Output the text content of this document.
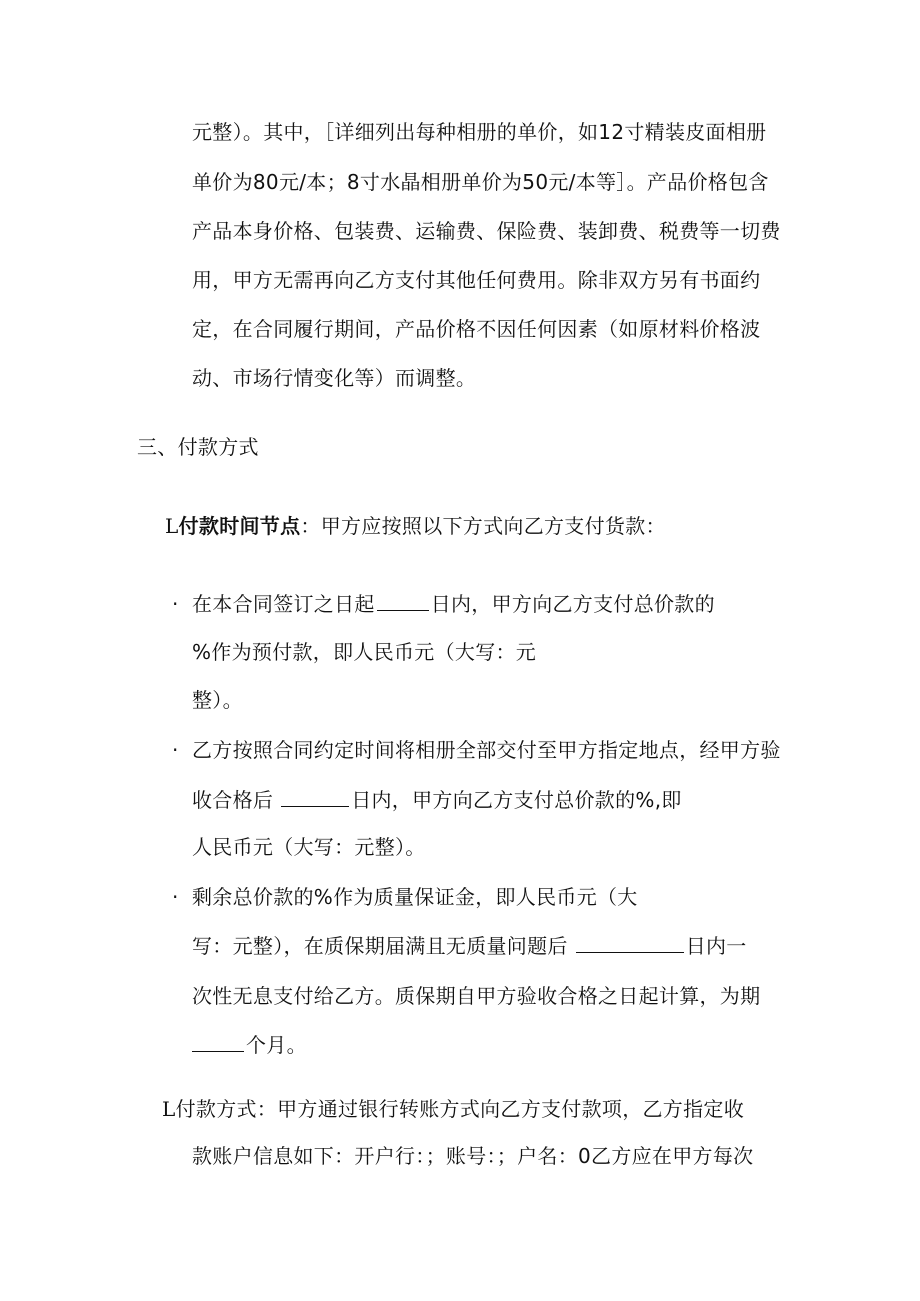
元整）。其中，［详细列出每种相册的单价，如12寸精装皮面相册
单价为80元/本；8寸水晶相册单价为50元/本等］。产品价格包含
产品本身价格、包装费、运输费、保险费、装卸费、税费等一切费
用，甲方无需再向乙方支付其他任何费用。除非双方另有书面约
定，在合同履行期间，产品价格不因任何因素（如原材料价格波
动、市场行情变化等）而调整。
三、付款方式
L付款时间节点：甲方应按照以下方式向乙方支付货款：
· 在本合同签订之日起	日内，甲方向乙方支付总价款的
%作为预付款，即人民币元（大写：元
整）。
· 乙方按照合同约定时间将相册全部交付至甲方指定地点，经甲方验
收合格后	日内，甲方向乙方支付总价款的%,即
人民币元（大写：元整）。
· 剩余总价款的%作为质量保证金，即人民币元（大
写：元整），在质保期届满且无质量问题后	日内一
次性无息支付给乙方。质保期自甲方验收合格之日起计算，为期
个月。
L付款方式：甲方通过银行转账方式向乙方支付款项，乙方指定收
款账户信息如下：开户行：；账号：；户名：0乙方应在甲方每次
